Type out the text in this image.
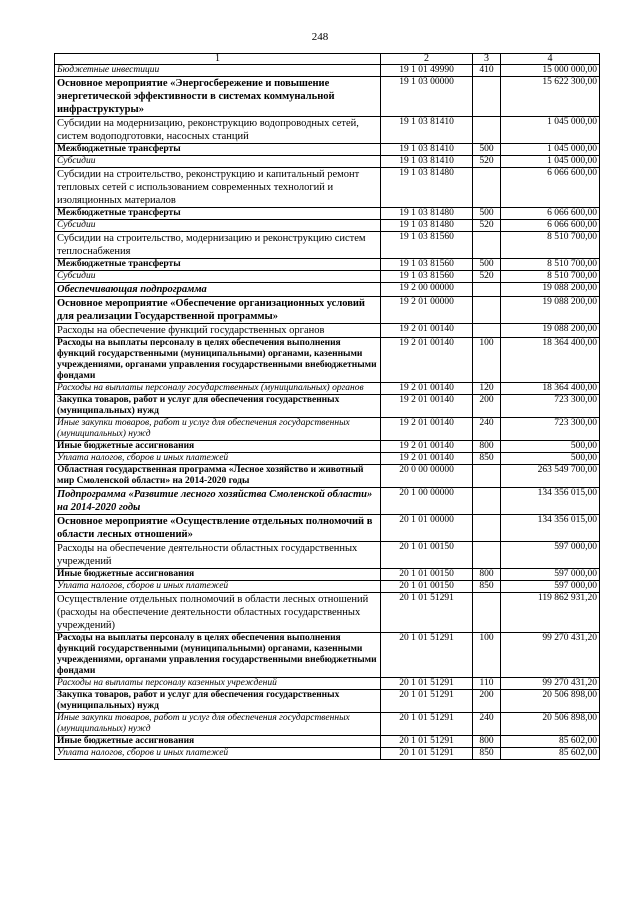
248
1	2	3	4
Бюджетные инвестиции	19 1 01 49990	410	15 000 000,00
Основное мероприятие «Энергосбережение и повышение энергетической эффективности в системах коммунальной инфраструктуры»	19 1 03 00000		15 622 300,00
Субсидии на модернизацию, реконструкцию водопроводных сетей, систем водоподготовки, насосных станций	19 1 03 81410		1 045 000,00
Межбюджетные трансферты	19 1 03 81410	500	1 045 000,00
Субсидии	19 1 03 81410	520	1 045 000,00
Субсидии на строительство, реконструкцию и капитальный ремонт тепловых сетей с использованием современных технологий и изоляционных материалов	19 1 03 81480		6 066 600,00
Межбюджетные трансферты	19 1 03 81480	500	6 066 600,00
Субсидии	19 1 03 81480	520	6 066 600,00
Субсидии на строительство, модернизацию и реконструкцию систем теплоснабжения	19 1 03 81560		8 510 700,00
Межбюджетные трансферты	19 1 03 81560	500	8 510 700,00
Субсидии	19 1 03 81560	520	8 510 700,00
Обеспечивающая подпрограмма	19 2 00 00000		19 088 200,00
Основное мероприятие «Обеспечение организационных условий для реализации Государственной программы»	19 2 01 00000		19 088 200,00
Расходы на обеспечение функций государственных органов	19 2 01 00140		19 088 200,00
Расходы на выплаты персоналу в целях обеспечения выполнения функций государственными (муниципальными) органами, казенными учреждениями, органами управления государственными внебюджетными фондами	19 2 01 00140	100	18 364 400,00
Расходы на выплаты персоналу государственных (муниципальных) органов	19 2 01 00140	120	18 364 400,00
Закупка товаров, работ и услуг для обеспечения государственных (муниципальных) нужд	19 2 01 00140	200	723 300,00
Иные закупки товаров, работ и услуг для обеспечения государственных (муниципальных) нужд	19 2 01 00140	240	723 300,00
Иные бюджетные ассигнования	19 2 01 00140	800	500,00
Уплата налогов, сборов и иных платежей	19 2 01 00140	850	500,00
Областная государственная программа «Лесное хозяйство и животный мир Смоленской области» на 2014-2020 годы	20 0 00 00000		263 549 700,00
Подпрограмма «Развитие лесного хозяйства Смоленской области» на 2014-2020 годы	20 1 00 00000		134 356 015,00
Основное мероприятие «Осуществление отдельных полномочий в области лесных отношений»	20 1 01 00000		134 356 015,00
Расходы на обеспечение деятельности областных государственных учреждений	20 1 01 00150		597 000,00
Иные бюджетные ассигнования	20 1 01 00150	800	597 000,00
Уплата налогов, сборов и иных платежей	20 1 01 00150	850	597 000,00
Осуществление отдельных полномочий в области лесных отношений (расходы на обеспечение деятельности областных государственных учреждений)	20 1 01 51291		119 862 931,20
Расходы на выплаты персоналу в целях обеспечения выполнения функций государственными (муниципальными) органами, казенными учреждениями, органами управления государственными внебюджетными фондами	20 1 01 51291	100	99 270 431,20
Расходы на выплаты персоналу казенных учреждений	20 1 01 51291	110	99 270 431,20
Закупка товаров, работ и услуг для обеспечения государственных (муниципальных) нужд	20 1 01 51291	200	20 506 898,00
Иные закупки товаров, работ и услуг для обеспечения государственных (муниципальных) нужд	20 1 01 51291	240	20 506 898,00
Иные бюджетные ассигнования	20 1 01 51291	800	85 602,00
Уплата налогов, сборов и иных платежей	20 1 01 51291	850	85 602,00
